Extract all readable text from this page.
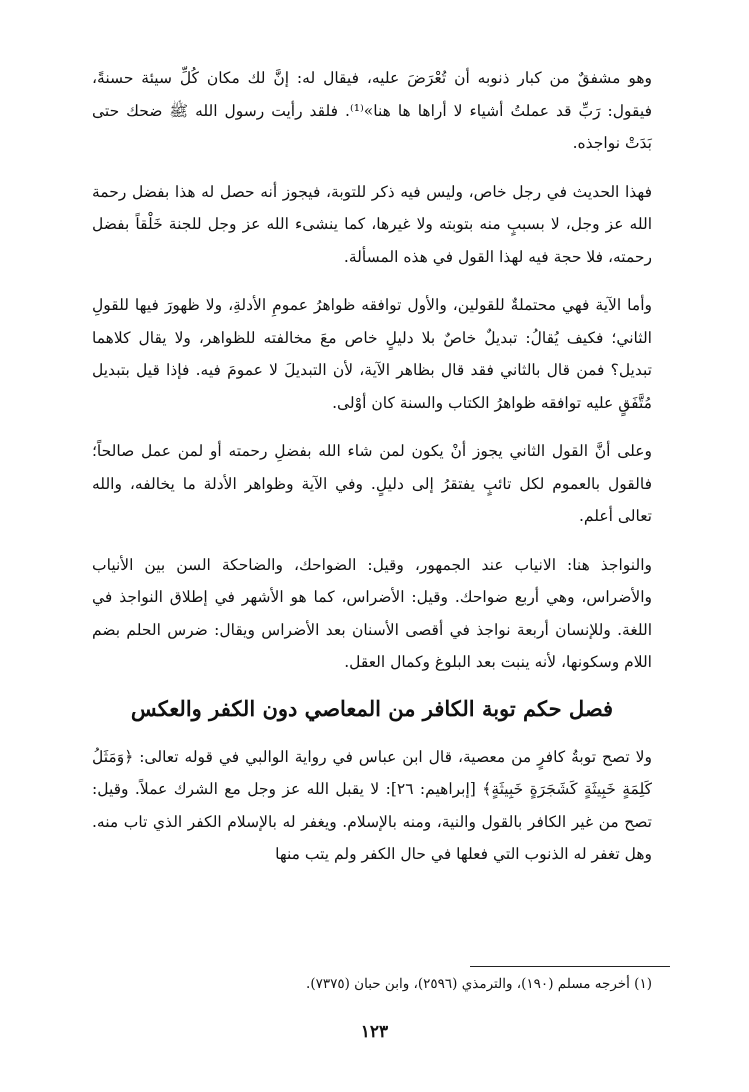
وهو مشفقٌ من كبار ذنوبه أن تُعْرَضَ عليه، فيقال له: إنَّ لك مكان كُلِّ سيئة حسنةً، فيقول: رَبِّ قد عملتُ أشياء لا أراها ها هنا»⁽¹⁾. فلقد رأيت رسول الله ﷺ ضحك حتى بَدَتْ نواجذه.

فهذا الحديث في رجل خاص، وليس فيه ذكر للتوبة، فيجوز أنه حصل له هذا بفضل رحمة الله عز وجل، لا بسببٍ منه بتوبته ولا غيرها، كما ينشىء الله عز وجل للجنة خَلْقاً بفضل رحمته، فلا حجة فيه لهذا القول في هذه المسألة.

وأما الآية فهي محتملةٌ للقولين، والأول توافقه ظواهرُ عمومِ الأدلةِ، ولا ظهورَ فيها للقولِ الثاني؛ فكيف يُقالُ: تبديلٌ خاصٌ بلا دليلٍ خاص معَ مخالفته للظواهر، ولا يقال كلاهما تبديل؟ فمن قال بالثاني فقد قال بظاهر الآية، لأن التبديلَ لا عمومَ فيه. فإذا قيل بتبديل مُتَّفَقٍ عليه توافقه ظواهرُ الكتاب والسنة كان أوْلى.

وعلى أنَّ القول الثاني يجوز أنْ يكون لمن شاء الله بفضلِ رحمته أو لمن عمل صالحاً؛ فالقول بالعموم لكل تائبٍ يفتقرُ إلى دليلٍ. وفي الآية وظواهر الأدلة ما يخالفه، والله تعالى أعلم.

والنواجذ هنا: الانياب عند الجمهور، وقيل: الضواحك، والضاحكة السن بين الأنياب والأضراس، وهي أربع ضواحك. وقيل: الأضراس، كما هو الأشهر في إطلاق النواجذ في اللغة. وللإنسان أربعة نواجذ في أقصى الأسنان بعد الأضراس ويقال: ضرس الحلم بضم اللام وسكونها، لأنه ينبت بعد البلوغ وكمال العقل.

فصل حكم توبة الكافر من المعاصي دون الكفر والعكس

ولا تصح توبةُ كافرٍ من معصية، قال ابن عباس في رواية الوالبي في قوله تعالى: ﴿وَمَثَلُ كَلِمَةٍ خَبِيثَةٍ كَشَجَرَةٍ خَبِيثَةٍ﴾ [إبراهيم: ٢٦]: لا يقبل الله عز وجل مع الشرك عملاً. وقيل: تصح من غير الكافر بالقول والنية، ومنه بالإسلام. ويغفر له بالإسلام الكفر الذي تاب منه. وهل تغفر له الذنوب التي فعلها في حال الكفر ولم يتب منها

(١) أخرجه مسلم (١٩٠)، والترمذي (٢٥٩٦)، وابن حبان (٧٣٧٥).
١٢٣
